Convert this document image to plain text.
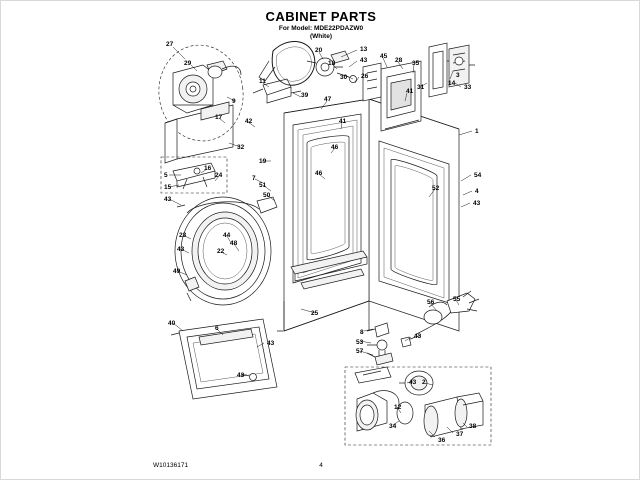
CABINET PARTS
For Model: MDE22PDAZW0
(White)
27
29
11
20	13
18	43
30 26
45
28 35
14
3
31	33
9
39
47
41
32
17
42	41
1
19
46
46
5
16
24
15
7
51
50
52
54
4
43
43
23	44
48
22
43
49
25
56	55
8
53
57
43
40
6
43
43
43 2
12
34	38
37
36
W10136171	4
